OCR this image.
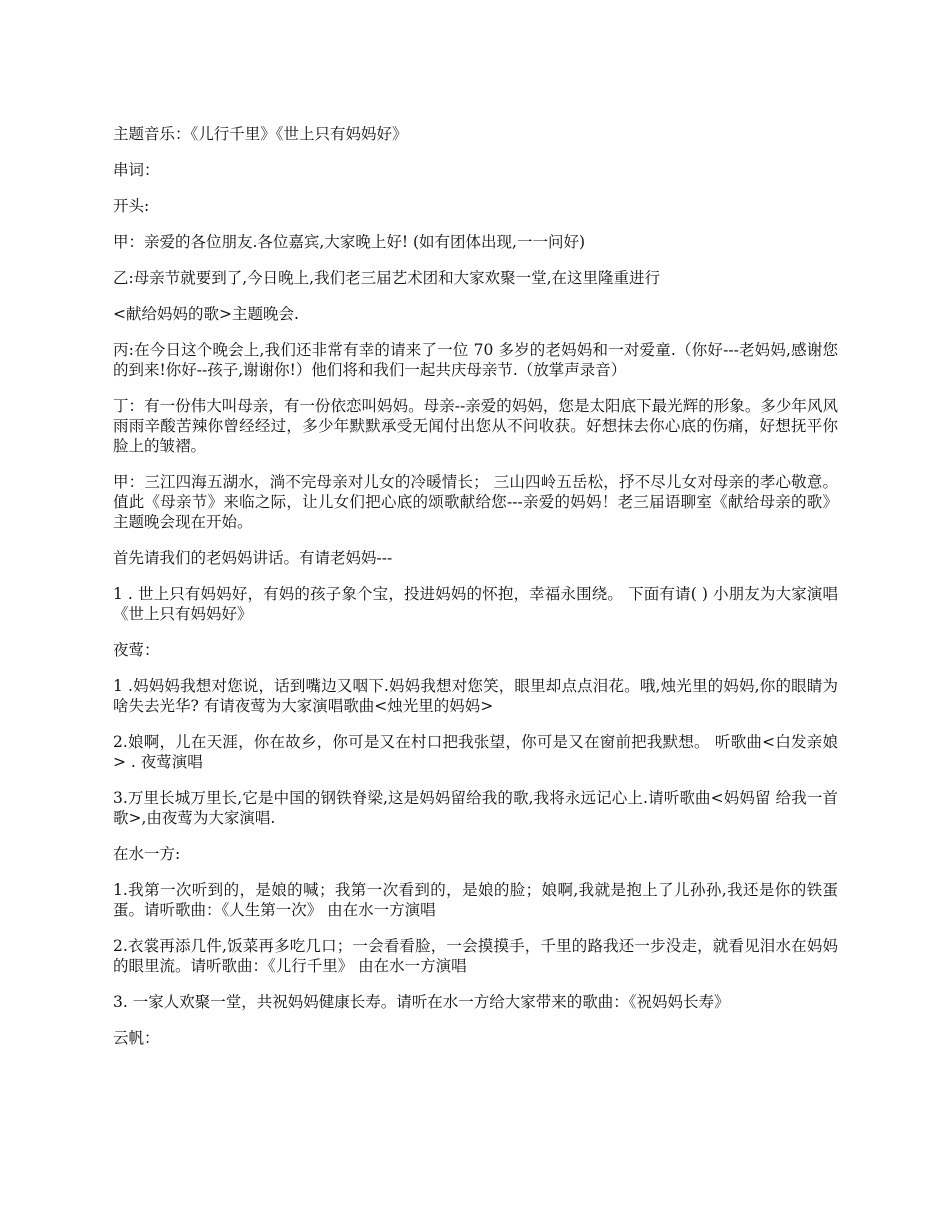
主题音乐：《儿行千里》《世上只有妈妈好》

串词：

开头:

甲：亲爱的各位朋友.各位嘉宾,大家晚上好! (如有团体出现,一一问好)

乙:母亲节就要到了,今日晚上,我们老三届艺术团和大家欢聚一堂,在这里隆重进行

<献给妈妈的歌>主题晚会.

丙:在今日这个晚会上,我们还非常有幸的请来了一位 70 多岁的老妈妈和一对爱童.（你好---老妈妈,感谢您的到来!你好--孩子,谢谢你!）他们将和我们一起共庆母亲节.（放掌声录音）

丁：有一份伟大叫母亲，有一份依恋叫妈妈。母亲--亲爱的妈妈，您是太阳底下最光辉的形象。多少年风风雨雨辛酸苦辣你曾经经过，多少年默默承受无闻付出您从不问收获。好想抹去你心底的伤痛，好想抚平你脸上的皱褶。

甲：三江四海五湖水，淌不完母亲对儿女的冷暖情长； 三山四岭五岳松，抒不尽儿女对母亲的孝心敬意。值此《母亲节》来临之际，让儿女们把心底的颂歌献给您---亲爱的妈妈！老三届语聊室《献给母亲的歌》主题晚会现在开始。

首先请我们的老妈妈讲话。有请老妈妈---

1 . 世上只有妈妈好，有妈的孩子象个宝，投进妈妈的怀抱，幸福永围绕。 下面有请( ) 小朋友为大家演唱 《世上只有妈妈好》

夜莺：

1 .妈妈妈我想对您说，话到嘴边又咽下.妈妈我想对您笑，眼里却点点泪花。哦,烛光里的妈妈,你的眼睛为啥失去光华? 有请夜莺为大家演唱歌曲<烛光里的妈妈>

2.娘啊，儿在天涯，你在故乡，你可是又在村口把我张望，你可是又在窗前把我默想。 听歌曲<白发亲娘> . 夜莺演唱

3.万里长城万里长,它是中国的钢铁脊梁,这是妈妈留给我的歌,我将永远记心上.请听歌曲<妈妈留 给我一首歌>,由夜莺为大家演唱.

在水一方:

1.我第一次听到的，是娘的喊；我第一次看到的，是娘的脸；娘啊,我就是抱上了儿孙孙,我还是你的铁蛋蛋。请听歌曲：《人生第一次》 由在水一方演唱

2.衣裳再添几件,饭菜再多吃几口；一会看看脸，一会摸摸手，千里的路我还一步没走，就看见泪水在妈妈的眼里流。请听歌曲：《儿行千里》 由在水一方演唱

3. 一家人欢聚一堂，共祝妈妈健康长寿。请听在水一方给大家带来的歌曲：《祝妈妈长寿》

云帆：
